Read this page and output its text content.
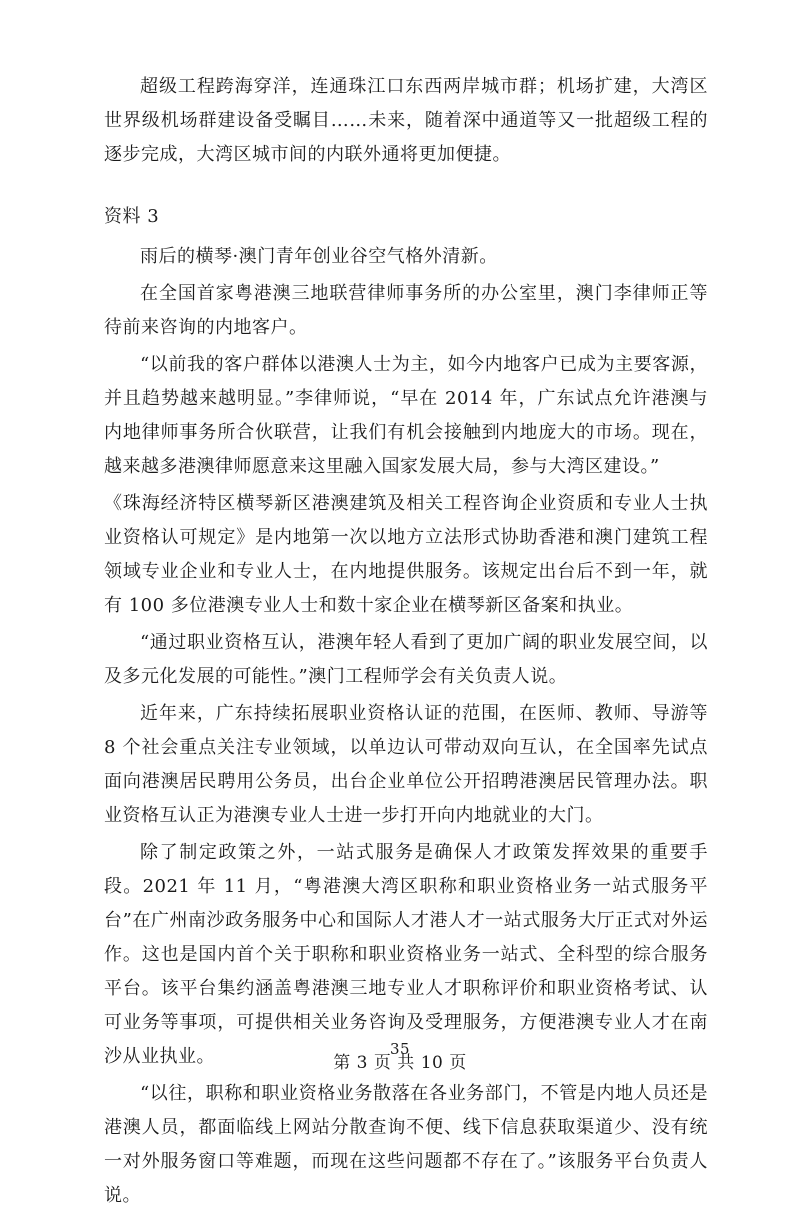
超级工程跨海穿洋，连通珠江口东西两岸城市群；机场扩建，大湾区世界级机场群建设备受瞩目……未来，随着深中通道等又一批超级工程的逐步完成，大湾区城市间的内联外通将更加便捷。

资料 3

雨后的横琴·澳门青年创业谷空气格外清新。

在全国首家粤港澳三地联营律师事务所的办公室里，澳门李律师正等待前来咨询的内地客户。

“以前我的客户群体以港澳人士为主，如今内地客户已成为主要客源，并且趋势越来越明显。”李律师说，“早在 2014 年，广东试点允许港澳与内地律师事务所合伙联营，让我们有机会接触到内地庞大的市场。现在，越来越多港澳律师愿意来这里融入国家发展大局，参与大湾区建设。”

《珠海经济特区横琴新区港澳建筑及相关工程咨询企业资质和专业人士执业资格认可规定》是内地第一次以地方立法形式协助香港和澳门建筑工程领域专业企业和专业人士，在内地提供服务。该规定出台后不到一年，就有 100 多位港澳专业人士和数十家企业在横琴新区备案和执业。

“通过职业资格互认，港澳年轻人看到了更加广阔的职业发展空间，以及多元化发展的可能性。”澳门工程师学会有关负责人说。

近年来，广东持续拓展职业资格认证的范围，在医师、教师、导游等 8 个社会重点关注专业领域，以单边认可带动双向互认，在全国率先试点面向港澳居民聘用公务员，出台企业单位公开招聘港澳居民管理办法。职业资格互认正为港澳专业人士进一步打开向内地就业的大门。

除了制定政策之外，一站式服务是确保人才政策发挥效果的重要手段。2021 年 11 月，“粤港澳大湾区职称和职业资格业务一站式服务平台”在广州南沙政务服务中心和国际人才港人才一站式服务大厅正式对外运作。这也是国内首个关于职称和职业资格业务一站式、全科型的综合服务平台。该平台集约涵盖粤港澳三地专业人才职称评价和职业资格考试、认可业务等事项，可提供相关业务咨询及受理服务，方便港澳专业人才在南沙从业执业。

“以往，职称和职业资格业务散落在各业务部门，不管是内地人员还是港澳人员，都面临线上网站分散查询不便、线下信息获取渠道少、没有统一对外服务窗口等难题，而现在这些问题都不存在了。”该服务平台负责人说。

第 3 页 共 10 页
35
